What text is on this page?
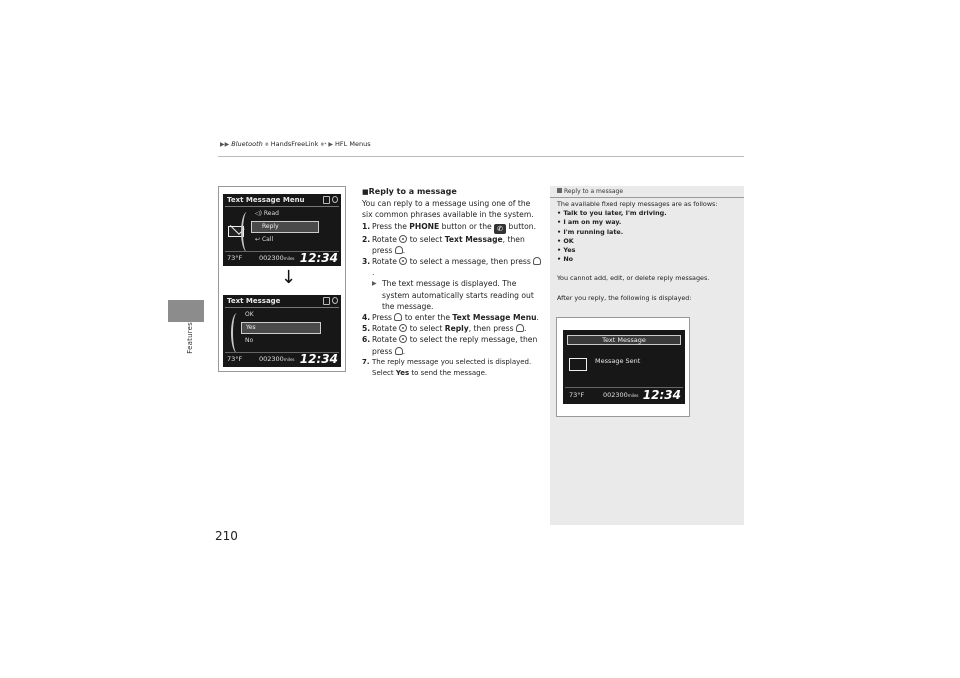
▶▶ Bluetooth ® HandsFreeLink ®* ▶ HFL Menus
Features
210
Text Message Menu
◁) Read
Reply
↩ Call
73°F	002300miles 12:34
↓
Text Message
OK
Yes
No
73°F	002300miles 12:34
■Reply to a message
You can reply to a message using one of the six common phrases available in the system.
1. Press the PHONE button or the ✆ button.
2. Rotate  to select Text Message, then press .
3. Rotate  to select a message, then press .
▶ The text message is displayed. The system automatically starts reading out the message.
4. Press  to enter the Text Message Menu.
5. Rotate  to select Reply, then press .
6. Rotate  to select the reply message, then press .
7. The reply message you selected is displayed. Select Yes to send the message.
Reply to a message
The available fixed reply messages are as follows:
• Talk to you later, I'm driving.
• I am on my way.
• I'm running late.
• OK
• Yes
• No

You cannot add, edit, or delete reply messages.

After you reply, the following is displayed:

Text Message
Message Sent
73°F	002300miles 12:34
